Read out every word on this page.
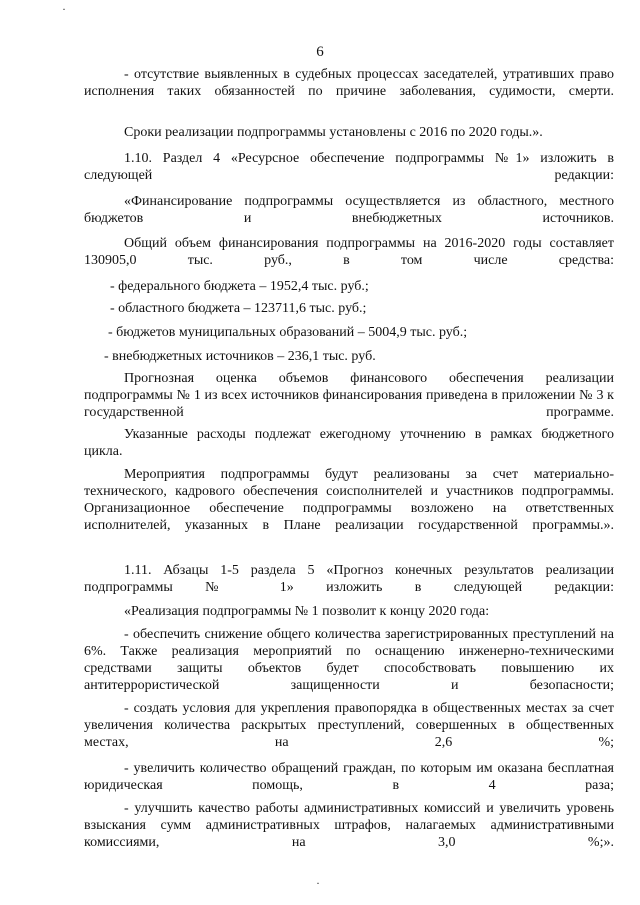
6

- отсутствие выявленных в судебных процессах заседателей, утративших право исполнения таких обязанностей по причине заболевания, судимости, смерти.

Сроки реализации подпрограммы установлены с 2016 по 2020 годы.».

1.10. Раздел 4 «Ресурсное обеспечение подпрограммы №1» изложить в следующей редакции:

«Финансирование подпрограммы осуществляется из областного, местного бюджетов и внебюджетных источников.

Общий объем финансирования подпрограммы на 2016-2020 годы составляет 130905,0 тыс. руб., в том числе средства:

- федерального бюджета – 1952,4 тыс. руб.;
- областного бюджета – 123711,6 тыс. руб.;
- бюджетов муниципальных образований – 5004,9 тыс. руб.;
- внебюджетных источников – 236,1 тыс. руб.

Прогнозная оценка объемов финансового обеспечения реализации подпрограммы № 1 из всех источников финансирования приведена в приложении № 3 к государственной программе.

Указанные расходы подлежат ежегодному уточнению в рамках бюджетного цикла.

Мероприятия подпрограммы будут реализованы за счет материально-технического, кадрового обеспечения соисполнителей и участников подпрограммы. Организационное обеспечение подпрограммы возложено на ответственных исполнителей, указанных в Плане реализации государственной программы.».

1.11. Абзацы 1-5 раздела 5 «Прогноз конечных результатов реализации подпрограммы № 1» изложить в следующей редакции:

«Реализация подпрограммы № 1 позволит к концу 2020 года:

- обеспечить снижение общего количества зарегистрированных преступлений на 6%. Также реализация мероприятий по оснащению инженерно-техническими средствами защиты объектов будет способствовать повышению их антитеррористической защищенности и безопасности;

- создать условия для укрепления правопорядка в общественных местах за счет увеличения количества раскрытых преступлений, совершенных в общественных местах, на 2,6 %;

- увеличить количество обращений граждан, по которым им оказана бесплатная юридическая помощь, в 4 раза;

- улучшить качество работы административных комиссий и увеличить уровень взыскания сумм административных штрафов, налагаемых административными комиссиями, на 3,0 %;».

·
·
